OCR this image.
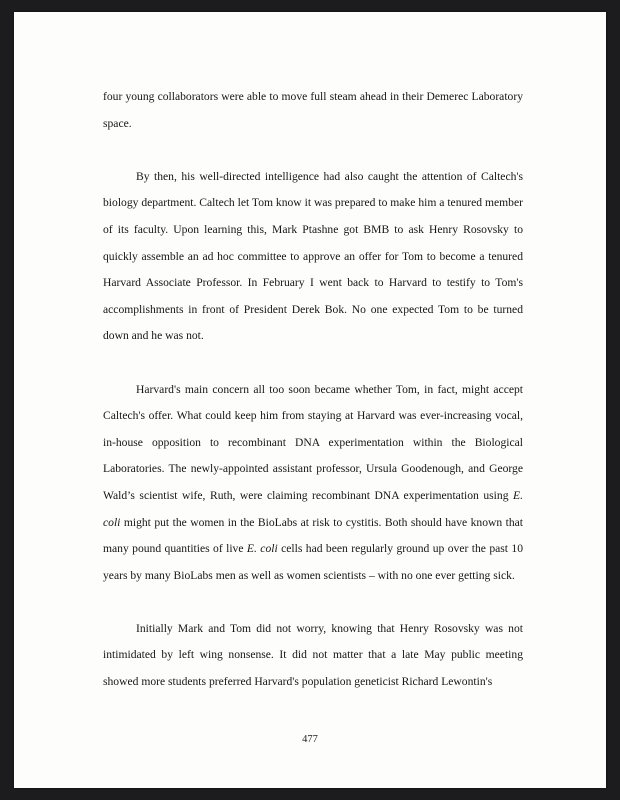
four young collaborators were able to move full steam ahead in their Demerec Laboratory space.

By then, his well-directed intelligence had also caught the attention of Caltech's biology department. Caltech let Tom know it was prepared to make him a tenured member of its faculty. Upon learning this, Mark Ptashne got BMB to ask Henry Rosovsky to quickly assemble an ad hoc committee to approve an offer for Tom to become a tenured Harvard Associate Professor. In February I went back to Harvard to testify to Tom's accomplishments in front of President Derek Bok. No one expected Tom to be turned down and he was not.

Harvard's main concern all too soon became whether Tom, in fact, might accept Caltech's offer. What could keep him from staying at Harvard was ever-increasing vocal, in-house opposition to recombinant DNA experimentation within the Biological Laboratories. The newly-appointed assistant professor, Ursula Goodenough, and George Wald’s scientist wife, Ruth, were claiming recombinant DNA experimentation using E. coli might put the women in the BioLabs at risk to cystitis. Both should have known that many pound quantities of live E. coli cells had been regularly ground up over the past 10 years by many BioLabs men as well as women scientists – with no one ever getting sick.

Initially Mark and Tom did not worry, knowing that Henry Rosovsky was not intimidated by left wing nonsense. It did not matter that a late May public meeting showed more students preferred Harvard's population geneticist Richard Lewontin's

477
